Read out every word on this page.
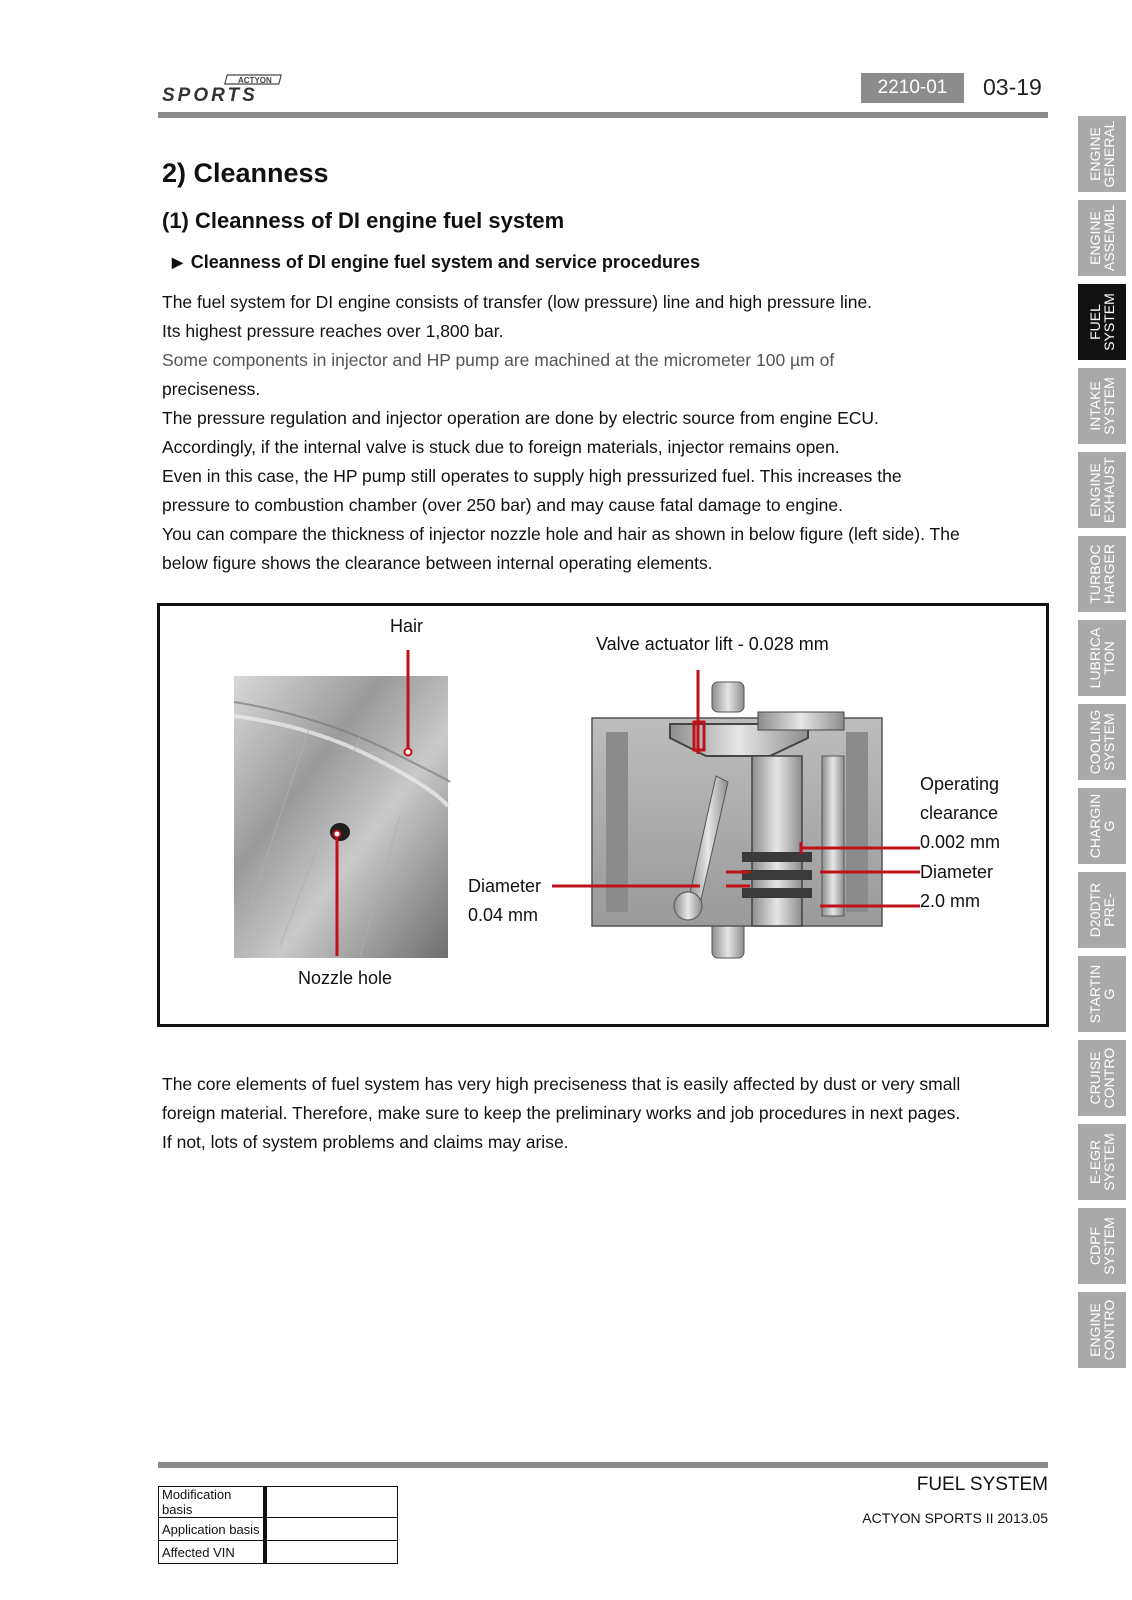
ACTYON
SPORTS	2210-01	03-19
2) Cleanness
(1) Cleanness of DI engine fuel system
▶ Cleanness of DI engine fuel system and service procedures

The fuel system for DI engine consists of transfer (low pressure) line and high pressure line.

Its highest pressure reaches over 1,800 bar.

Some components in injector and HP pump are machined at the micrometer 100 µm of

preciseness.

The pressure regulation and injector operation are done by electric source from engine ECU.

Accordingly, if the internal valve is stuck due to foreign materials, injector remains open.

Even in this case, the HP pump still operates to supply high pressurized fuel. This increases the

pressure to combustion chamber (over 250 bar) and may cause fatal damage to engine.

You can compare the thickness of injector nozzle hole and hair as shown in below figure (left side). The

below figure shows the clearance between internal operating elements.

Hair
Nozzle hole
Valve actuator lift - 0.028 mm
Operating
clearance
0.002 mm
Diameter
0.04 mm
Diameter
2.0 mm

The core elements of fuel system has very high preciseness that is easily affected by dust or very small

foreign material. Therefore, make sure to keep the preliminary works and job procedures in next pages.

If not, lots of system problems and claims may arise.

ENGINE
GENERAL
ENGINE
ASSEMBL
FUEL
SYSTEM
INTAKE
SYSTEM
ENGINE
EXHAUST
TURBOC
HARGER
LUBRICA
TION
COOLING
SYSTEM
CHARGIN
G
D20DTR
PRE-
STARTIN
G
CRUISE
CONTRO
E-EGR
SYSTEM
CDPF
SYSTEM
ENGINE
CONTRO
Modification basis	
Application basis	
Affected VIN	
FUEL SYSTEM
ACTYON SPORTS II 2013.05
